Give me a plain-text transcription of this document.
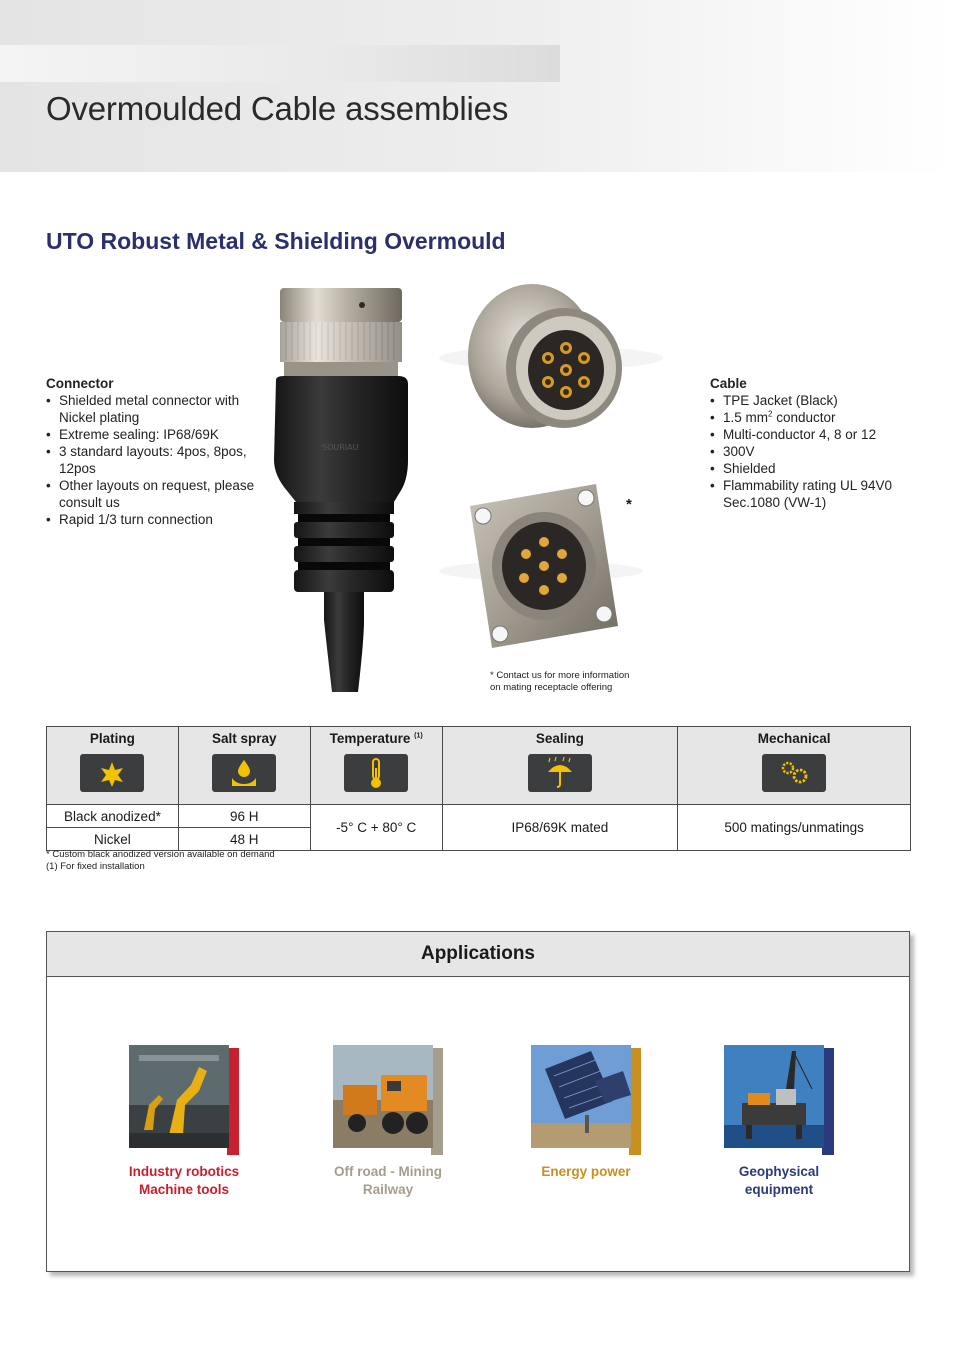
Overmoulded Cable assemblies
UTO Robust Metal & Shielding Overmould
Connector
• Shielded metal connector with Nickel plating
• Extreme sealing: IP68/69K
• 3 standard layouts: 4pos, 8pos, 12pos
• Other layouts on request, please consult us
• Rapid 1/3 turn connection
Cable
• TPE Jacket (Black)
• 1.5 $mm^2$ conductor
• Multi-conductor 4, 8 or 12
• 300V
• Shielded
• Flammability rating UL 94V0 Sec.1080 (VW-1)
SOURIAU
*
* Contact us for more information
on mating receptacle offering
Plating	Salt spray	Temperature $^{(1)}$	Sealing	Mechanical

Black anodized*	96 H	-5° C + 80° C	IP68/69K mated	500 matings/unmatings
Nickel	48 H			
* Custom black anodized version available on demand
(1) For fixed installation
Applications
Industry robotics
Machine tools
Off road - Mining
Railway
Energy power	Geophysical
equipment
